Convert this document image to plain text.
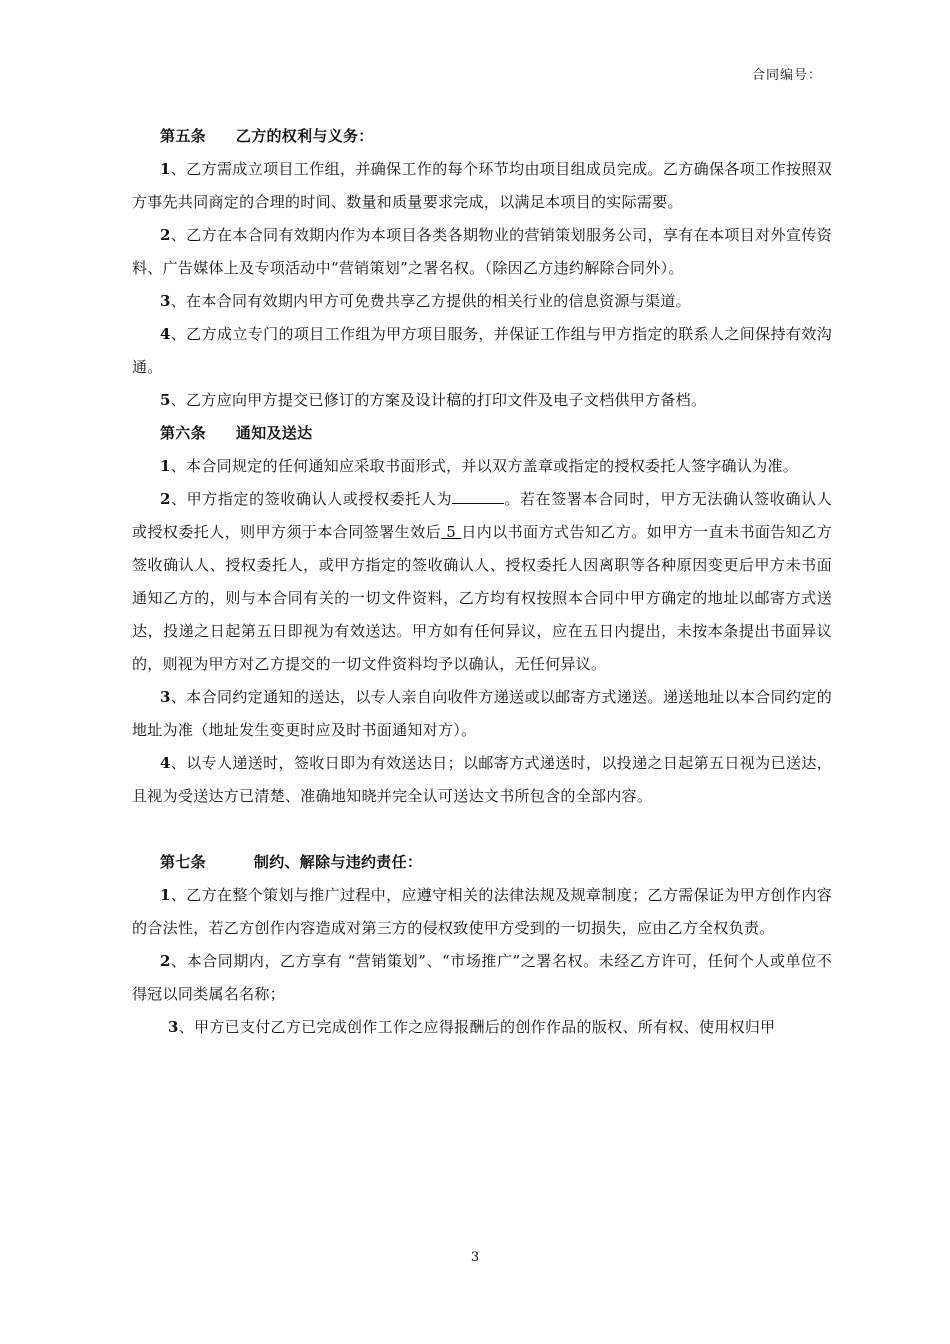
合同编号：

第五条 乙方的权利与义务：

1、乙方需成立项目工作组，并确保工作的每个环节均由项目组成员完成。乙方确保各项工作按照双方事先共同商定的合理的时间、数量和质量要求完成，以满足本项目的实际需要。

2、乙方在本合同有效期内作为本项目各类各期物业的营销策划服务公司，享有在本项目对外宣传资料、广告媒体上及专项活动中“营销策划”之署名权。（除因乙方违约解除合同外）。

3、在本合同有效期内甲方可免费共享乙方提供的相关行业的信息资源与渠道。

4、乙方成立专门的项目工作组为甲方项目服务，并保证工作组与甲方指定的联系人之间保持有效沟通。

5、乙方应向甲方提交已修订的方案及设计稿的打印文件及电子文档供甲方备档。

第六条 通知及送达

1、本合同规定的任何通知应采取书面形式，并以双方盖章或指定的授权委托人签字确认为准。

2、甲方指定的签收确认人或授权委托人为	。若在签署本合同时，甲方无法确认签收确认人或授权委托人，则甲方须于本合同签署生效后 5 日内以书面方式告知乙方。如甲方一直未书面告知乙方签收确认人、授权委托人，或甲方指定的签收确认人、授权委托人因离职等各种原因变更后甲方未书面通知乙方的，则与本合同有关的一切文件资料，乙方均有权按照本合同中甲方确定的地址以邮寄方式送达，投递之日起第五日即视为有效送达。甲方如有任何异议，应在五日内提出，未按本条提出书面异议的，则视为甲方对乙方提交的一切文件资料均予以确认，无任何异议。

3、本合同约定通知的送达，以专人亲自向收件方递送或以邮寄方式递送。递送地址以本合同约定的地址为准（地址发生变更时应及时书面通知对方）。

4、以专人递送时，签收日即为有效送达日；以邮寄方式递送时，以投递之日起第五日视为已送达，且视为受送达方已清楚、准确地知晓并完全认可送达文书所包含的全部内容。

第七条	制约、解除与违约责任：

1、乙方在整个策划与推广过程中，应遵守相关的法律法规及规章制度；乙方需保证为甲方创作内容的合法性，若乙方创作内容造成对第三方的侵权致使甲方受到的一切损失，应由乙方全权负责。

2、本合同期内，乙方享有 “营销策划”、“市场推广”之署名权。未经乙方许可，任何个人或单位不得冠以同类属名名称；

3、甲方已支付乙方已完成创作工作之应得报酬后的创作作品的版权、所有权、使用权归甲

3
